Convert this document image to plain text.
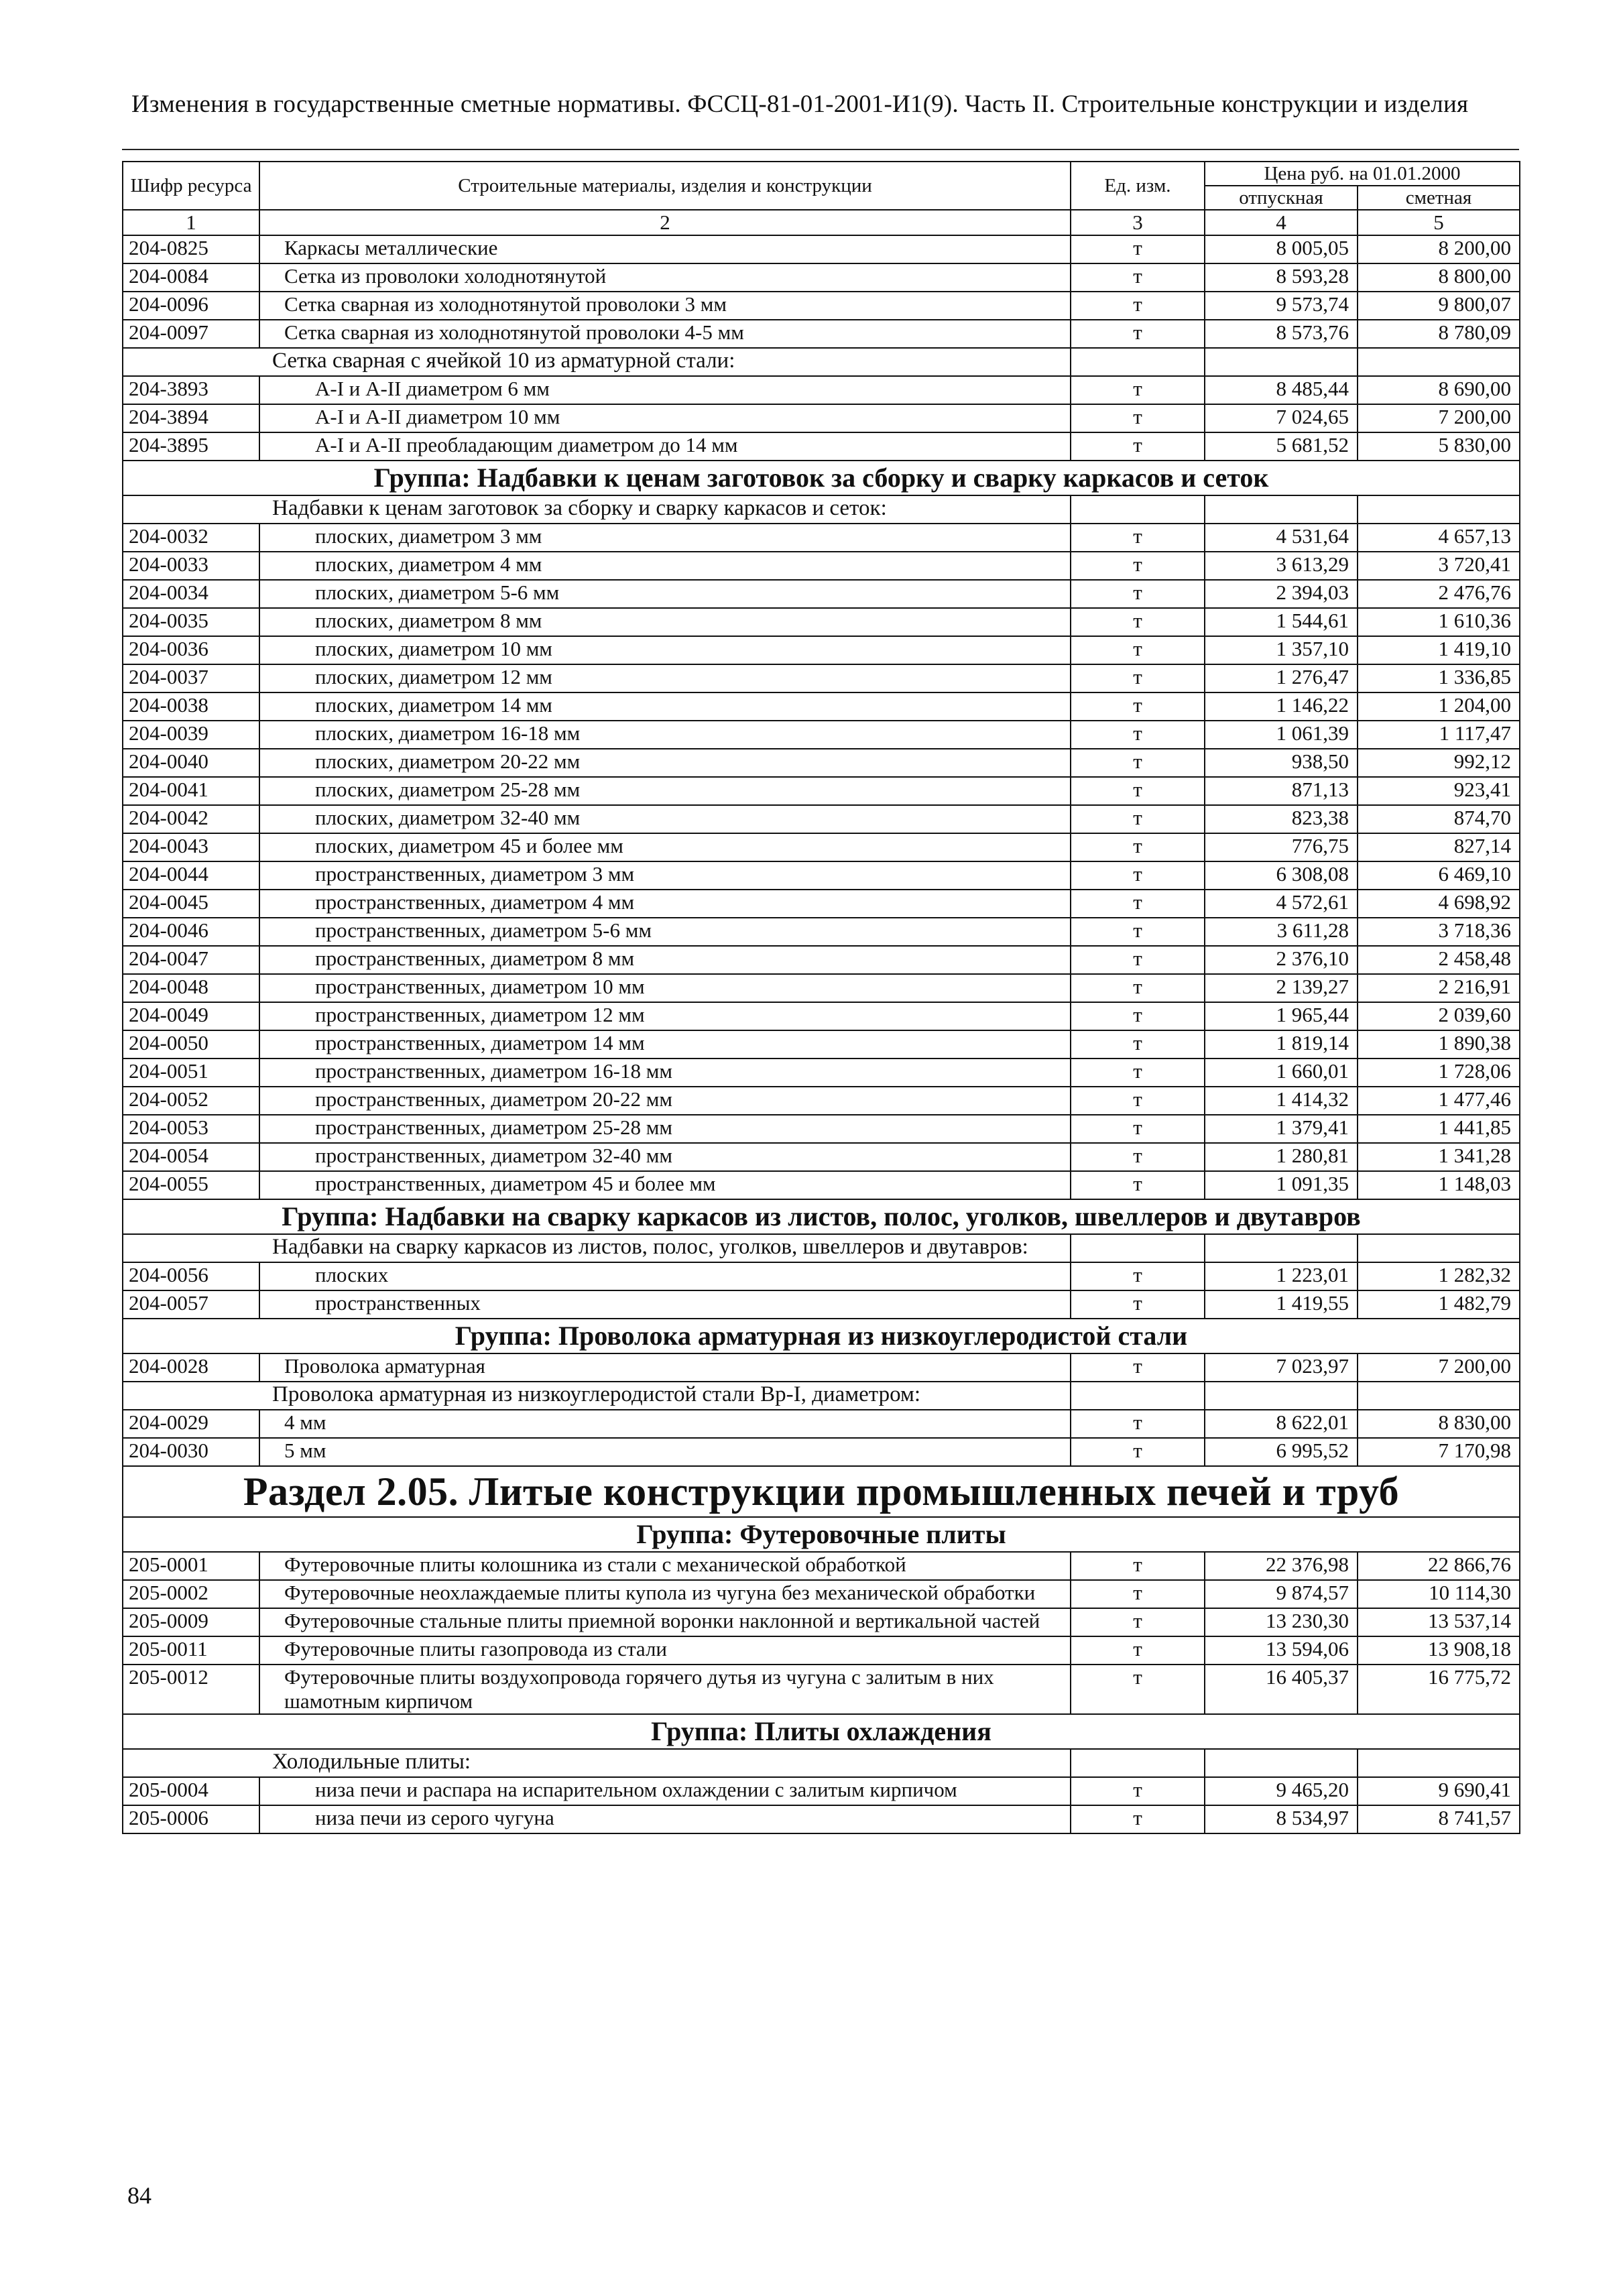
Изменения в государственные сметные нормативы. ФССЦ-81-01-2001-И1(9). Часть II. Строительные конструкции и изделия
Шифр ресурса	Строительные материалы, изделия и конструкции	Ед. изм.	Цена руб. на 01.01.2000	
			отпускная	сметная
1	2	3	4	5
204-0825	Каркасы металлические	т	8 005,05	8 200,00
204-0084	Сетка из проволоки холоднотянутой	т	8 593,28	8 800,00
204-0096	Сетка сварная из холоднотянутой проволоки 3 мм	т	9 573,74	9 800,07
204-0097	Сетка сварная из холоднотянутой проволоки 4-5 мм	т	8 573,76	8 780,09
Сетка сварная с ячейкой 10 из арматурной стали:				
204-3893	А-I и А-II диаметром 6 мм	т	8 485,44	8 690,00
204-3894	А-I и А-II диаметром 10 мм	т	7 024,65	7 200,00
204-3895	А-I и А-II преобладающим диаметром до 14 мм	т	5 681,52	5 830,00
Группа: Надбавки к ценам заготовок за сборку и сварку каркасов и сеток				
Надбавки к ценам заготовок за сборку и сварку каркасов и сеток:				
204-0032	плоских, диаметром 3 мм	т	4 531,64	4 657,13
204-0033	плоских, диаметром 4 мм	т	3 613,29	3 720,41
204-0034	плоских, диаметром 5-6 мм	т	2 394,03	2 476,76
204-0035	плоских, диаметром 8 мм	т	1 544,61	1 610,36
204-0036	плоских, диаметром 10 мм	т	1 357,10	1 419,10
204-0037	плоских, диаметром 12 мм	т	1 276,47	1 336,85
204-0038	плоских, диаметром 14 мм	т	1 146,22	1 204,00
204-0039	плоских, диаметром 16-18 мм	т	1 061,39	1 117,47
204-0040	плоских, диаметром 20-22 мм	т	938,50	992,12
204-0041	плоских, диаметром 25-28 мм	т	871,13	923,41
204-0042	плоских, диаметром 32-40 мм	т	823,38	874,70
204-0043	плоских, диаметром 45 и более мм	т	776,75	827,14
204-0044	пространственных, диаметром 3 мм	т	6 308,08	6 469,10
204-0045	пространственных, диаметром 4 мм	т	4 572,61	4 698,92
204-0046	пространственных, диаметром 5-6 мм	т	3 611,28	3 718,36
204-0047	пространственных, диаметром 8 мм	т	2 376,10	2 458,48
204-0048	пространственных, диаметром 10 мм	т	2 139,27	2 216,91
204-0049	пространственных, диаметром 12 мм	т	1 965,44	2 039,60
204-0050	пространственных, диаметром 14 мм	т	1 819,14	1 890,38
204-0051	пространственных, диаметром 16-18 мм	т	1 660,01	1 728,06
204-0052	пространственных, диаметром 20-22 мм	т	1 414,32	1 477,46
204-0053	пространственных, диаметром 25-28 мм	т	1 379,41	1 441,85
204-0054	пространственных, диаметром 32-40 мм	т	1 280,81	1 341,28
204-0055	пространственных, диаметром 45 и более мм	т	1 091,35	1 148,03
Группа: Надбавки на сварку каркасов из листов, полос, уголков, швеллеров и двутавров				
Надбавки на сварку каркасов из листов, полос, уголков, швеллеров и двутавров:				
204-0056	плоских	т	1 223,01	1 282,32
204-0057	пространственных	т	1 419,55	1 482,79
Группа: Проволока арматурная из низкоуглеродистой стали				
204-0028	Проволока арматурная	т	7 023,97	7 200,00
Проволока арматурная из низкоуглеродистой стали Вр-I, диаметром:				
204-0029	4 мм	т	8 622,01	8 830,00
204-0030	5 мм	т	6 995,52	7 170,98
Раздел 2.05. Литые конструкции промышленных печей и труб				
Группа: Футеровочные плиты				
205-0001	Футеровочные плиты колошника из стали с механической обработкой	т	22 376,98	22 866,76
205-0002	Футеровочные неохлаждаемые плиты купола из чугуна без механической обработки	т	9 874,57	10 114,30
205-0009	Футеровочные стальные плиты приемной воронки наклонной и вертикальной частей	т	13 230,30	13 537,14
205-0011	Футеровочные плиты газопровода из стали	т	13 594,06	13 908,18
205-0012	Футеровочные плиты воздухопровода горячего дутья из чугуна с залитым в них шамотным кирпичом	т	16 405,37	16 775,72
Группа: Плиты охлаждения				
Холодильные плиты:				
205-0004	низа печи и распара на испарительном охлаждении с залитым кирпичом	т	9 465,20	9 690,41
205-0006	низа печи из серого чугуна	т	8 534,97	8 741,57
84
